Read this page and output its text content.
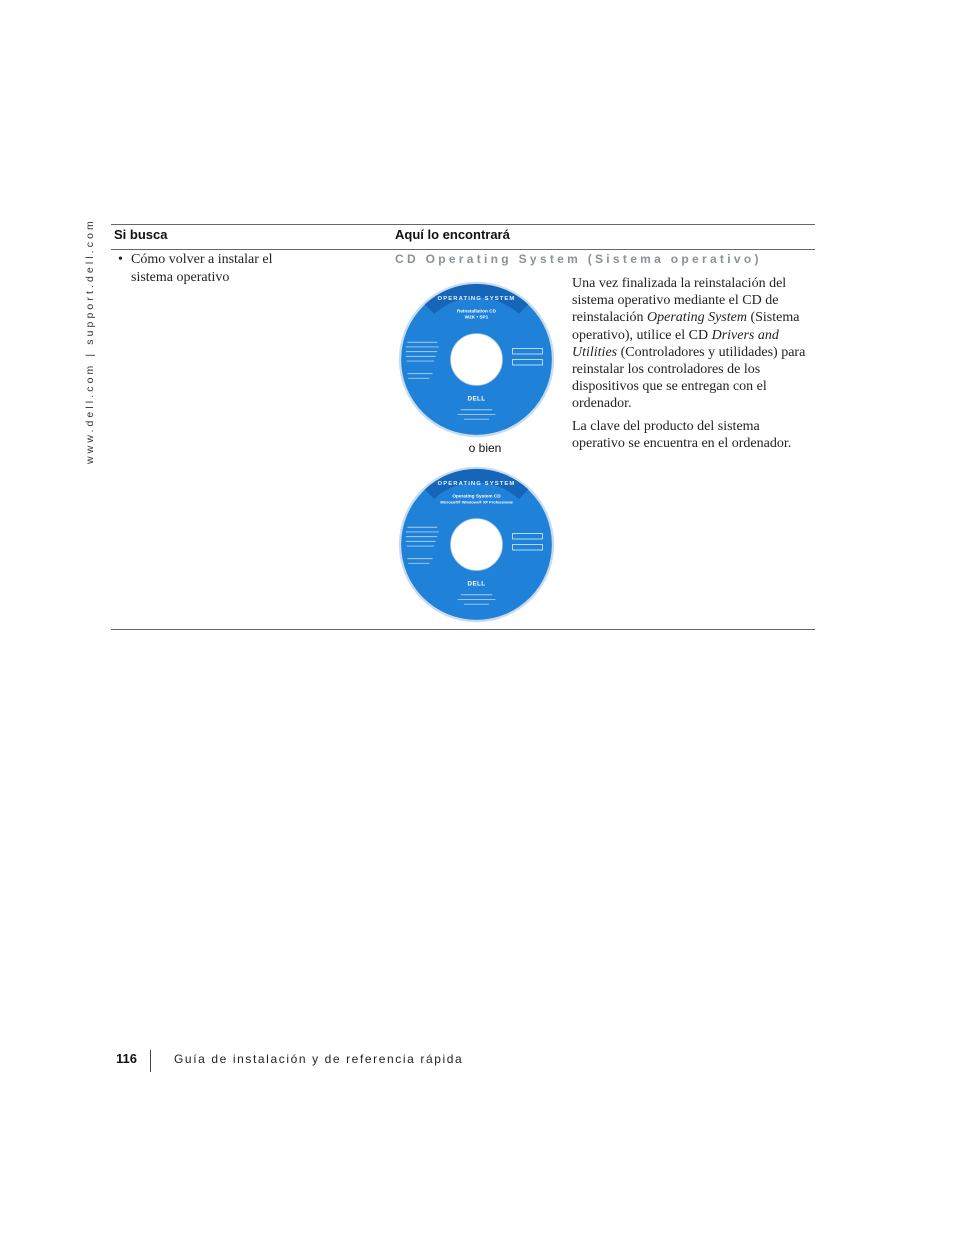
www.dell.com | support.dell.com Si busca	Aquí lo encontrará
• Cómo volver a instalar el sistema operativo
CD Operating System (Sistema operativo)

Una vez finalizada la reinstalación del sistema operativo mediante el CD de reinstalación Operating System (Sistema operativo), utilice el CD Drivers and Utilities (Controladores y utilidades) para reinstalar los controladores de los dispositivos que se entregan con el ordenador.

La clave del producto del sistema operativo se encuentra en el ordenador.

OPERATING SYSTEM
Reinstallation CD
W2K • SP1
DELL
o bien
OPERATING SYSTEM
Operating System CD
Microsoft® Windows® XP Professional
DELL
116	Guía de instalación y de referencia rápida
